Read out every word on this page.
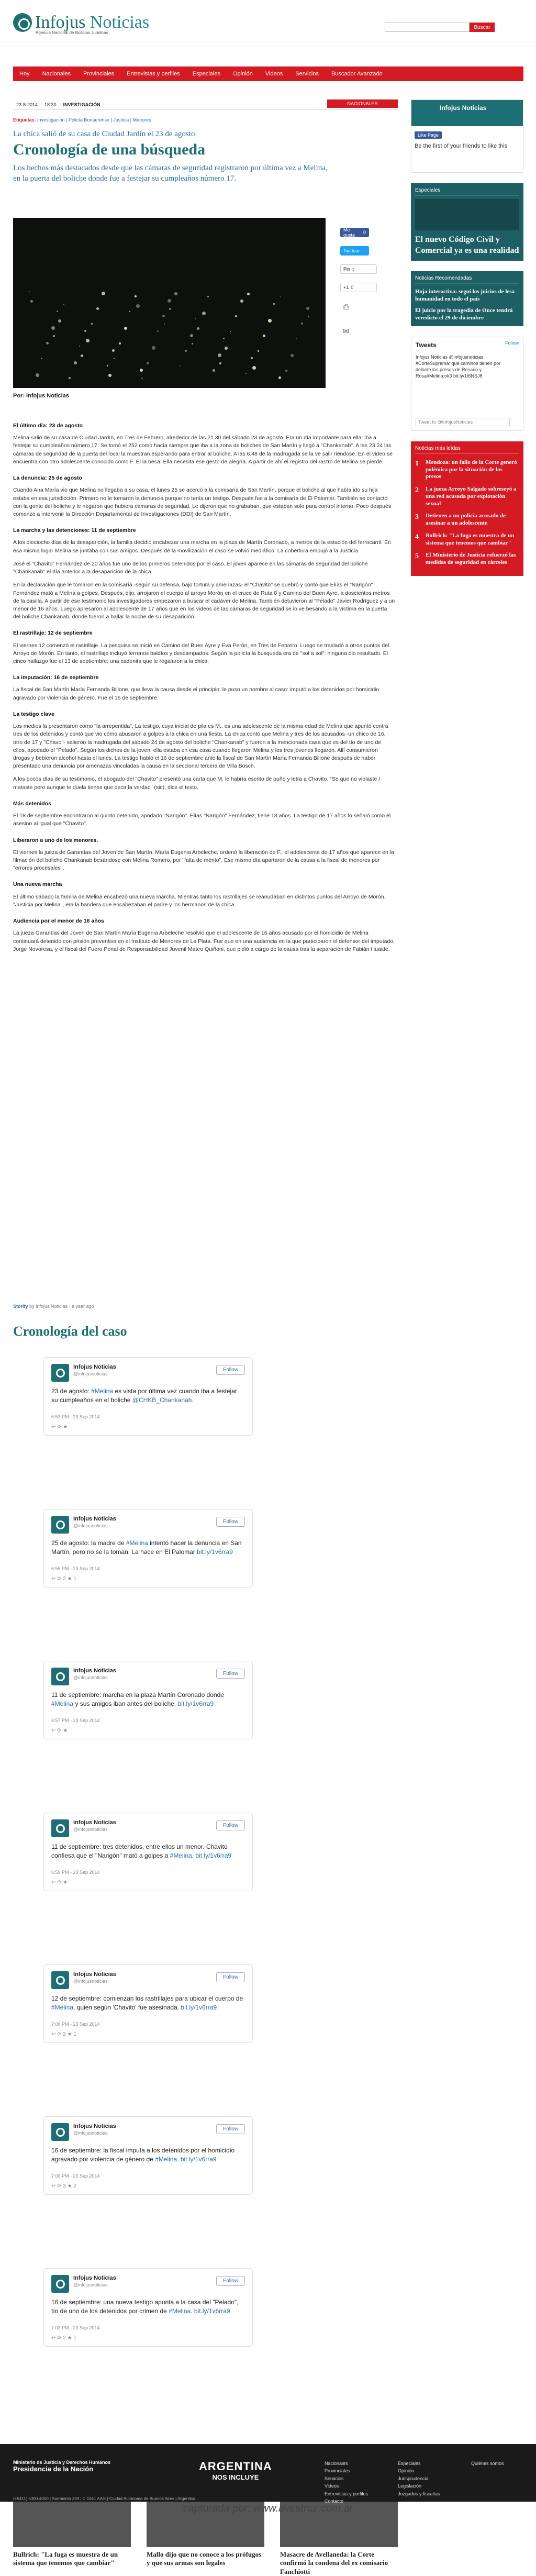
Infojus Noticias
Agencia Nacional de Noticias Jurídicas
Buscar
Hoy	Nacionales	Provinciales	Entrevistas y perfiles	Especiales	Opinión	Videos	Servicios	Buscador Avanzado
23-8-2014	18:30	INVESTIGACIÓN	NACIONALES
Etiquetas: Investigación | Policía Bonaerense | Justicia | Menores
La chica salió de su casa de Ciudad Jardín el 23 de agosto
Cronología de una búsqueda
Los hechos más destacados desde que las cámaras de seguridad registraron por última vez a Melina, en la puerta del boliche donde fue a festejar su cumpleaños número 17.
Por: Infojus Noticias
Me gusta	0
Twittear
Pin it
+1 0
⎙
✉
El último día: 23 de agosto

Melina salió de su casa de Ciudad Jardín, en Tres de Febrero, alrededor de las 21.30 del sábado 23 de agosto. Era un día importante para ella: iba a festejar su cumpleaños número 17. Se tomó el 252 como hacía siempre que iba a la zona de boliches de San Martín y llegó a "Chankanab". A las 23.24 las cámaras de seguridad de la puerta del local la muestran esperando para entrar al boliche. A las 6.48 de la madrugada se la ve salir riéndose. En el video se encuentra con otro adolescente conocido como F. Él la besa. Ella necesita ese gesto de alegría. A partir de ahí el registro del rastro de Melina se pierde.

La denuncia: 25 de agosto

Cuando Ana María vio que Melina no llegaba a su casa, el lunes 25 se acercó a la comisaría de San Martín, porque el boliche al que había ido su hija estaba en esa jurisdicción. Primero no le tomaron la denuncia porque no tenía un testigo. Después fue a la comisaría de El Palomar. También se contactó con la gente del boliche y le negaron que hubiera cámaras de seguridad. Le dijeron que no grababan, que estaban solo para control interno. Poco después comenzó a intervenir la Dirección Departamental de Investigaciones (DDI) de San Martín.

La marcha y las detenciones: 11 de septiembre

A los dieciocho días de la desaparición, la familia decidió encabezar una marcha en la plaza de Martín Coronado, a metros de la estación del ferrocarril. En esa misma lugar Melina se juntaba con sus amigos. Después de la movilización el caso se volvió mediático. La cobertura empujó a la Justicia.

José el "Chavito" Fernández de 20 años fue uno de los primeros detenidos por el caso. El joven aparece en las cámaras de seguridad del boliche "Chankanab" el día anterior a la desaparición de la chica.

En la declaración que le tomaron en la comisaría -según su defensa, bajo tortura y amenazas- el "Chavito" se quebró y contó que Elías el "Narigón" Fernández mató a Melina a golpes. Después, dijo, arrojaron el cuerpo al arroyo Morón en el cruce de Ruta 8 y Camino del Buen Ayre, a doscientos metros de la casilla. A partir de ese testimonio los investigadores empezaron a buscar el cadáver de Melina. También detuvieron al "Pelado" Javier Rodríguez y a un menor de 16 años. Luego apresaron al adolescente de 17 años que en los videos de las cámaras de seguridad se lo ve besando a la víctima en la puerta del boliche Chankanab, donde fueron a bailar la noche de su desaparición.

El rastrillaje: 12 de septiembre

El viernes 12 comenzó el rastrillaje. La pesquisa se inició en Camino del Buen Ayre y Eva Perón, en Tres de Febrero. Luego se trasladó a otros puntos del Arroyo de Morón. En tanto, el rastrillaje incluyó terrenos baldíos y descampados. Según la policía la búsqueda era de "sol a sol": ninguna dio resultado. El cinco hallazgo fue el 13 de septiembre: una cadenita que le regalaron a la chica.

La imputación: 16 de septiembre

La fiscal de San Martín María Fernanda Billone, que lleva la causa desde el principio, le puso un nombre al caso: imputó a los detenidos por homicidio agravado por violencia de género. Fue el 16 de septiembre.

La testigo clave

Los medios la presentaron como "la arrepentida". La testigo, cuya inicial de pila es M., es una adolescente de la misma edad de Melina que apuntó contra tres de los detenidos y contó que vio cómo abusaron a golpes a la chica en una fiesta. La chica contó que Melina y tres de los acusados -un chico de 16, otro de 17 y "Chavo"- salieron la madrugada del sábado 24 de agosto del boliche "Chankanab" y fueron a la mencionada casa que es del tío de uno de ellos, apodado el "Pelado". Según los dichos de la joven, ella estaba en esa casa cuando llegaron Melina y los tres jóvenes llegaron. Allí consumieron drogas y bebieron alcohol hasta el lunes. La testigo habló el 16 de septiembre ante la fiscal de San Martín María Fernanda Billone después de haber presentado una denuncia por amenazas vinculadas la causa en la seccional tercera de Villa Bosch.

A los pocos días de su testimonio, el abogado del "Chavito" presentó una carta que M. le habría escrito de puño y letra a Chavito. "Se que no violaste / mataste pero aunque te duela tienes que decir la verdad" (sic), dice el texto.

Más detenidos

El 18 de septiembre encontraron al quinto detenido, apodado "Narigón". Elías "Narigón" Fernández; tiene 18 años. La testigo de 17 años lo señaló como el asesino al igual que "Chavito".

Liberaron a uno de los menores.

El viernes la jueza de Garantías del Joven de San Martín, María Eugenia Arbeleche, ordenó la liberación de F., el adolescente de 17 años que aparece en la filmación del boliche Chankanab besándose con Melina Romero, por "falta de mérito". Ese mismo día apartaron de la causa a la fiscal de menores por "errores procesales".

Una nueva marcha

El último sábado la familia de Melina encabezó una nueva marcha. Mientras tanto los rastrillajes se reanudaban en distintos puntos del Arroyo de Morón. "Justicia por Melina", era la bandera que encabezaban el padre y los hermanos de la chica.

Audiencia por el menor de 16 años

La jueza Garantías del Joven de San Martín María Eugenia Arbeleche resolvió que el adolescente de 16 años acusado por el homicidio de Melina continuará detenido con prisión preventiva en el Instituto de Menores de La Plata. Fue que en una audiencia en la que participaron el defensor del imputado, Jorge Novoresa, y el fiscal del Fuero Penal de Responsabilidad Juvenil Mateo Quiñoni, que pidió a cargo de la causa tras la separación de Fabián Huaide.

Storify by Infojus Noticias · a year ago
Cronología del caso
Infojus Noticias
@infojusnoticias
Follow
23 de agosto: #Melina es vista por última vez cuando iba a festejar su cumpleaños en el boliche @CHKB_Chankanab.
6:53 PM - 23 Sep 2014
↩ ⟳ ★
Infojus Noticias
@infojusnoticias
Follow
25 de agosto: la madre de #Melina intentó hacer la denuncia en San Martín, pero no se la toman. La hace en El Palomar bit.ly/1v6rra9
6:55 PM - 23 Sep 2014
↩ ⟳ 2 ★ 1
Infojus Noticias
@infojusnoticias
Follow
11 de septiembre: marcha en la plaza Martín Coronado donde #Melina y sus amigos iban antes del boliche. bit.ly/1v6rra9
6:57 PM - 23 Sep 2014
↩ ⟳ ★
Infojus Noticias
@infojusnoticias
Follow
11 de septiembre: tres detenidos, entre ellos un menor. Chavito confiesa que el "Narigón" mató a golpes a #Melina. bit.ly/1v6rra9
6:59 PM - 23 Sep 2014
↩ ⟳ ★
Infojus Noticias
@infojusnoticias
Follow
12 de septiembre: comienzan los rastrillajes para ubicar el cuerpo de #Melina, quien según 'Chavito' fue asesinada. bit.ly/1v6rra9
7:00 PM - 23 Sep 2014
↩ ⟳ 2 ★ 1
Infojus Noticias
@infojusnoticias
Follow
16 de septiembre: la fiscal imputa a los detenidos por el homicidio agravado por violencia de género de #Melina. bit.ly/1v6rra9
7:00 PM - 23 Sep 2014
↩ ⟳ 3 ★ 2
Infojus Noticias
@infojusnoticias
Follow
16 de septiembre: una nueva testigo apunta a la casa del "Pelado", tío de uno de los detenidos por crimen de #Melina. bit.ly/1v6rra9
7:03 PM - 23 Sep 2014
↩ ⟳ 2 ★ 1
Bullrich: "La fuga es muestra de un sistema que tenemos que cambiar"
Mallo dijo que no conoce a los prófugos y que sus armas son legales
Masacre de Avellaneda: la Corte confirmó la condena del ex comisario Fanchiotti
Infojus Noticias
Like Page
Be the first of your friends to like this
Especiales
El nuevo Código Civil y Comercial ya es una realidad
Noticias Recomendadas
Hoja interactiva: seguí los juicios de lesa humanidad en todo el país
El juicio por la tragedia de Once tendrá veredicto el 29 de diciembre
Tweets	Follow
Infojus Noticias @infojusnoticias #CorteSuprema: que caminos tienen por delante los presos de Rosario y Rosa#Melina:ok3 bit.ly/1t6NSJ8
Tweet to @InfojusNoticias
Noticias más leídas
1	Mendoza: un fallo de la Corte generó polémica por la situación de los presos
2	La jueza Arroyo Salgado sobreseyó a una red acusada por explotación sexual
3	Detienen a un policía acusado de asesinar a un adolescente
4	Bullrich: "La fuga es muestra de un sistema que tenemos que cambiar"
5	El Ministerio de Justicia refuerzó las medidas de seguridad en cárceles
Ministerio de Justicia y Derechos Humanos
Presidencia de la Nación	ARGENTINA
NOS INCLUYE
Nacionales
Provinciales
Servicios
Videos
Entrevistas y perfiles
Contacto
Especiales
Opinión
Jurisprudencia
Legislación
Juzgados y fiscalías
Quiénes somos
(+5411) 5300-4000 | Sarmiento 329 | C 1041 AAG | Ciudad Autónoma de Buenos Aires | Argentina
capturada por: www.avestruz.com.ar
